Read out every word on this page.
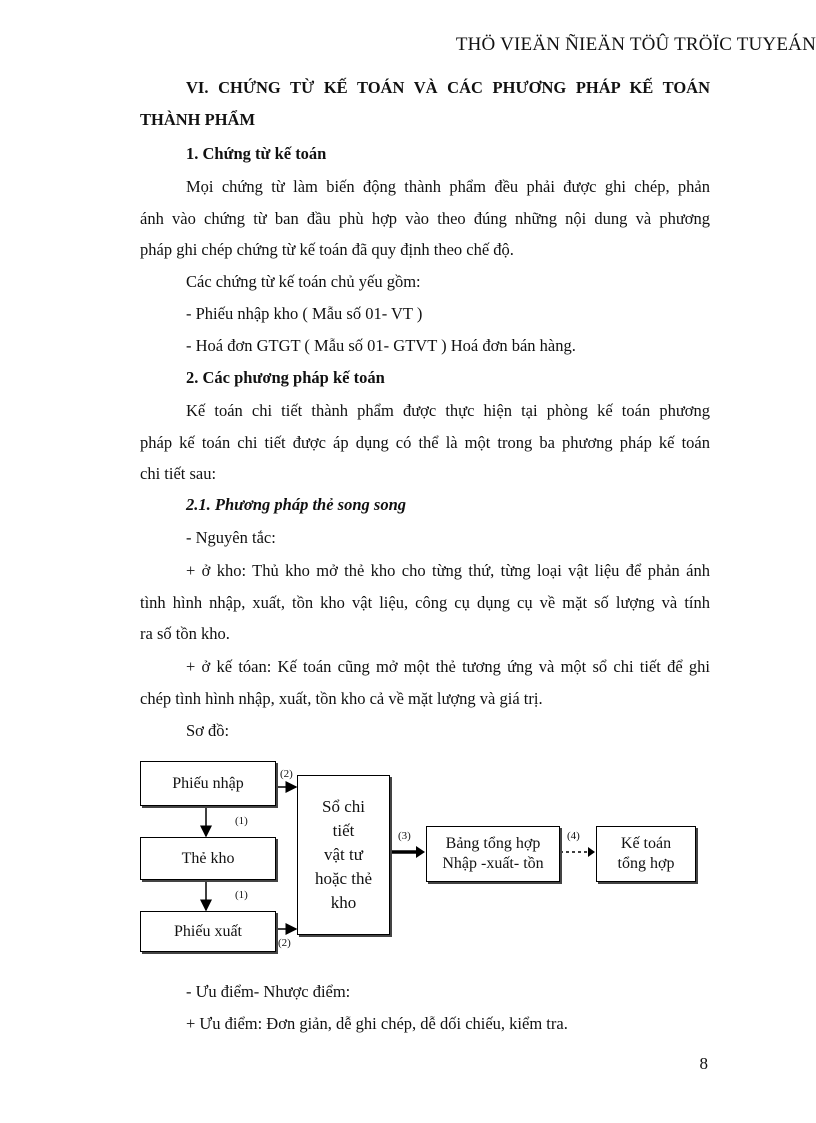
THÖ VIEÄN ÑIEÄN TÖÛ TRÖÏC TUYEÁN
VI. CHỨNG TỪ KẾ TOÁN VÀ CÁC PHƯƠNG PHÁP KẾ TOÁN
THÀNH PHẨM
1. Chứng từ kế toán
Mọi chứng từ làm biến động thành phẩm đều phải được ghi chép, phản
ánh vào chứng từ ban đầu phù hợp vào theo đúng những nội dung và phương
pháp ghi chép chứng từ kế toán đã quy định theo chế độ.
Các chứng từ kế toán chủ yếu gồm:
- Phiếu nhập kho ( Mẫu số 01- VT )
- Hoá đơn GTGT ( Mẫu số 01- GTVT ) Hoá đơn bán hàng.
2. Các phương pháp kế toán
Kế toán chi tiết thành phẩm được thực hiện tại phòng kế toán phương
pháp kế toán chi tiết được áp dụng có thể là một trong ba phương pháp kế toán
chi tiết sau:
2.1. Phương pháp thẻ song song
- Nguyên tắc:
+ ở kho: Thủ kho mở thẻ kho cho từng thứ, từng loại vật liệu để phản ánh
tình hình nhập, xuất, tồn kho vật liệu, công cụ dụng cụ về mặt số lượng và tính
ra số tồn kho.
+ ở kế tóan: Kế toán cũng mở một thẻ tương ứng và một sổ chi tiết để ghi
chép tình hình nhập, xuất, tồn kho cả về mặt lượng và giá trị.
Sơ đồ:
Phiếu nhập
Thẻ kho
Phiếu xuất
Sổ chi
tiết
vật tư
hoặc thẻ
kho
Bảng tổng hợp
Nhập -xuất- tồn
Kế toán
tổng hợp
(1)
(1)
(2)
(2)
(3)	(4)
- Ưu điểm- Nhược điểm:
+ Ưu điểm: Đơn giản, dễ ghi chép, dễ dối chiếu, kiểm tra.
8
